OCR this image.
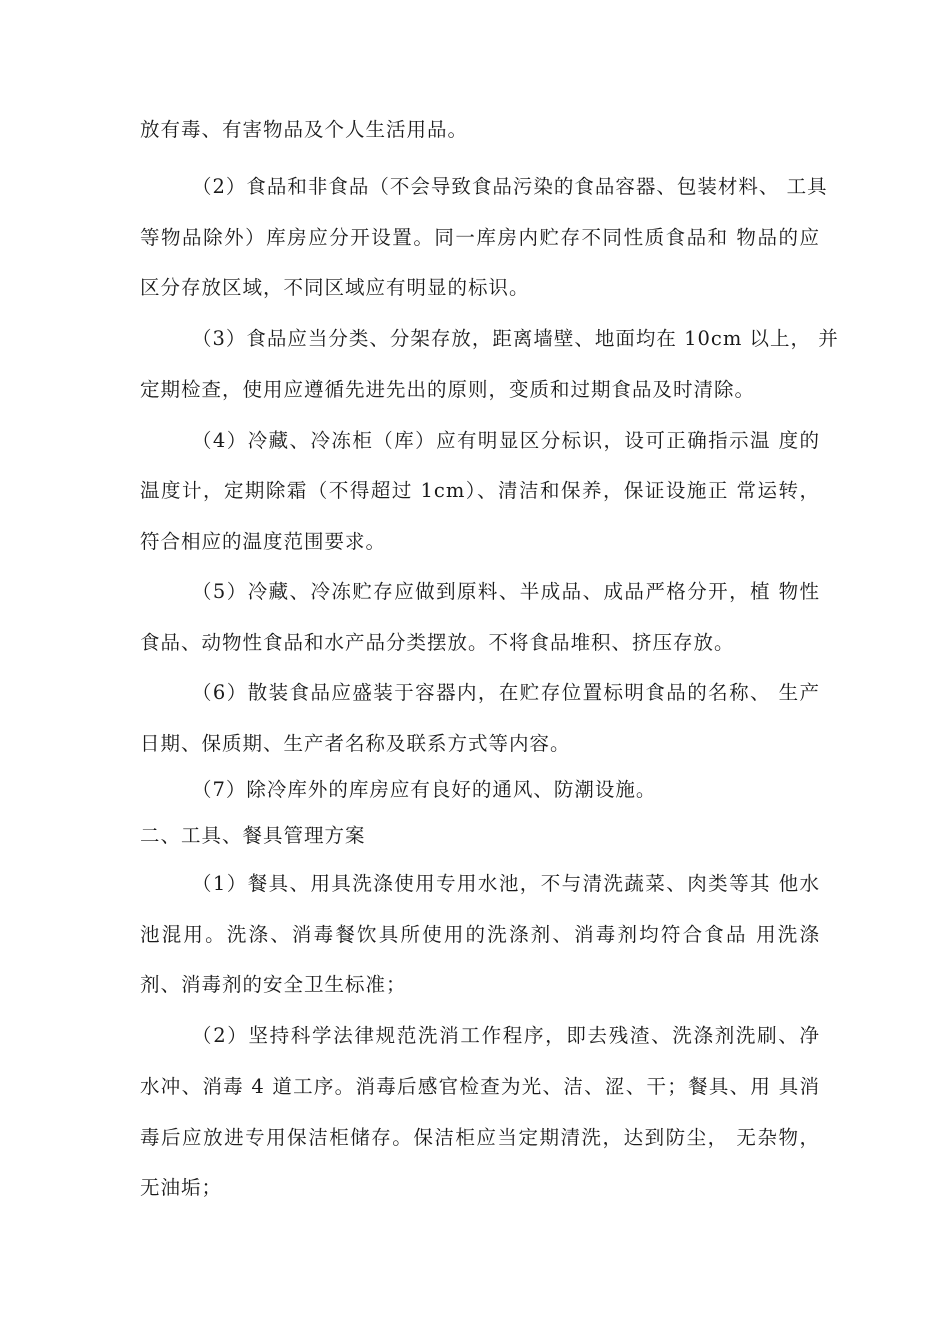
放有毒、有害物品及个人生活用品。
（2）食品和非食品（不会导致食品污染的食品容器、包装材料、 工具
等物品除外）库房应分开设置。同一库房内贮存不同性质食品和 物品的应
区分存放区域，不同区域应有明显的标识。
（3）食品应当分类、分架存放，距离墙壁、地面均在 10cm 以上， 并
定期检查，使用应遵循先进先出的原则，变质和过期食品及时清除。
（4）冷藏、冷冻柜（库）应有明显区分标识，设可正确指示温 度的
温度计，定期除霜（不得超过 1cm）、清洁和保养，保证设施正 常运转，
符合相应的温度范围要求。
（5）冷藏、冷冻贮存应做到原料、半成品、成品严格分开，植 物性
食品、动物性食品和水产品分类摆放。不将食品堆积、挤压存放。
（6）散装食品应盛装于容器内，在贮存位置标明食品的名称、 生产
日期、保质期、生产者名称及联系方式等内容。
（7）除冷库外的库房应有良好的通风、防潮设施。
二、工具、餐具管理方案
（1）餐具、用具洗涤使用专用水池，不与清洗蔬菜、肉类等其 他水
池混用。洗涤、消毒餐饮具所使用的洗涤剂、消毒剂均符合食品 用洗涤
剂、消毒剂的安全卫生标准；
（2）坚持科学法律规范洗消工作程序，即去残渣、洗涤剂洗刷、净
水冲、消毒 4 道工序。消毒后感官检查为光、洁、涩、干；餐具、用 具消
毒后应放进专用保洁柜储存。保洁柜应当定期清洗，达到防尘， 无杂物，
无油垢；
